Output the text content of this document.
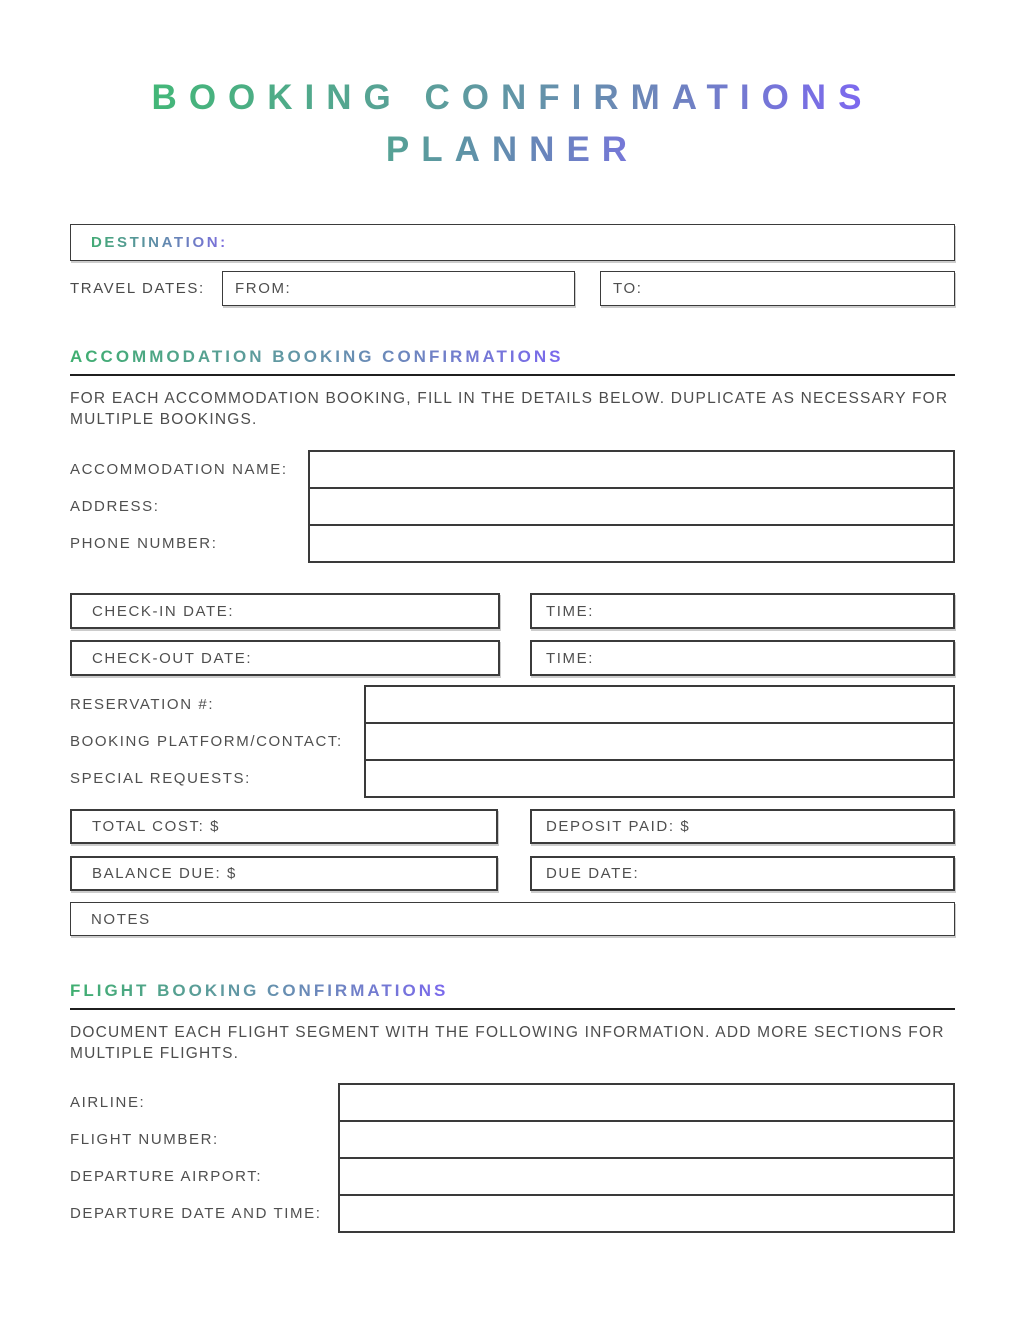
BOOKING CONFIRMATIONS
PLANNER
DESTINATION:
TRAVEL DATES:	FROM:	TO:
ACCOMMODATION BOOKING CONFIRMATIONS

FOR EACH ACCOMMODATION BOOKING, FILL IN THE DETAILS BELOW. DUPLICATE AS NECESSARY FOR MULTIPLE BOOKINGS.

ACCOMMODATION NAME:
ADDRESS:
PHONE NUMBER:
CHECK-IN DATE:	TIME:
CHECK-OUT DATE:	TIME:
RESERVATION #:
BOOKING PLATFORM/CONTACT:
SPECIAL REQUESTS:
TOTAL COST: $	DEPOSIT PAID: $
BALANCE DUE: $	DUE DATE:
NOTES
FLIGHT BOOKING CONFIRMATIONS

DOCUMENT EACH FLIGHT SEGMENT WITH THE FOLLOWING INFORMATION. ADD MORE SECTIONS FOR MULTIPLE FLIGHTS.

AIRLINE:
FLIGHT NUMBER:
DEPARTURE AIRPORT:
DEPARTURE DATE AND TIME:
